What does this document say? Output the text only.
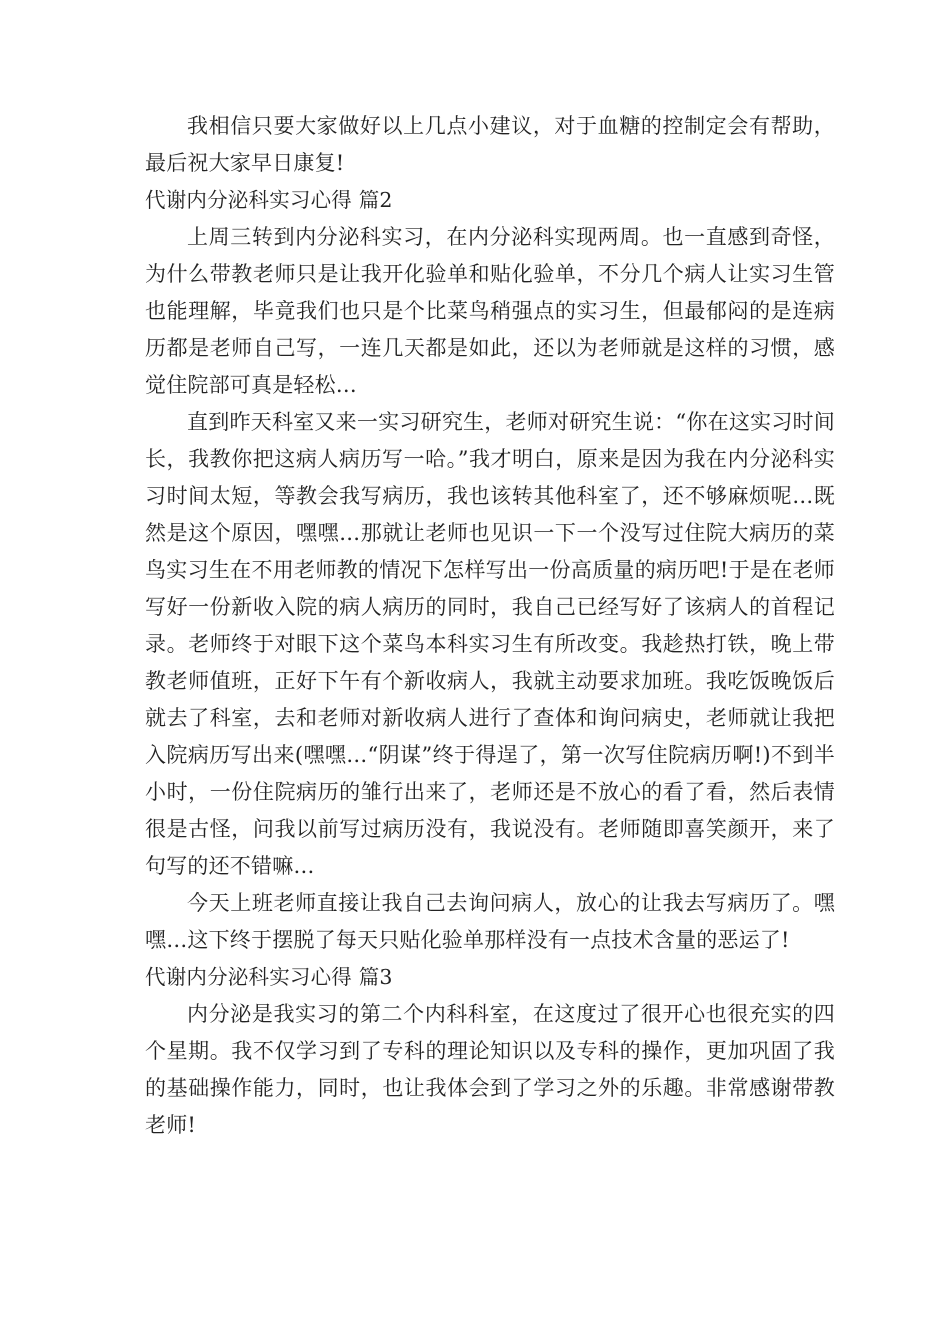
我相信只要大家做好以上几点小建议，对于血糖的控制定会有帮助，最后祝大家早日康复!

代谢内分泌科实习心得 篇2

上周三转到内分泌科实习，在内分泌科实现两周。也一直感到奇怪，为什么带教老师只是让我开化验单和贴化验单，不分几个病人让实习生管也能理解，毕竟我们也只是个比菜鸟稍强点的实习生，但最郁闷的是连病历都是老师自己写，一连几天都是如此，还以为老师就是这样的习惯，感觉住院部可真是轻松…

直到昨天科室又来一实习研究生，老师对研究生说：“你在这实习时间长，我教你把这病人病历写一哈。”我才明白，原来是因为我在内分泌科实习时间太短，等教会我写病历，我也该转其他科室了，还不够麻烦呢…既然是这个原因，嘿嘿…那就让老师也见识一下一个没写过住院大病历的菜鸟实习生在不用老师教的情况下怎样写出一份高质量的病历吧!于是在老师写好一份新收入院的病人病历的同时，我自己已经写好了该病人的首程记录。老师终于对眼下这个菜鸟本科实习生有所改变。我趁热打铁，晚上带教老师值班，正好下午有个新收病人，我就主动要求加班。我吃饭晚饭后就去了科室，去和老师对新收病人进行了查体和询问病史，老师就让我把入院病历写出来(嘿嘿…“阴谋”终于得逞了，第一次写住院病历啊!)不到半小时，一份住院病历的雏行出来了，老师还是不放心的看了看，然后表情很是古怪，问我以前写过病历没有，我说没有。老师随即喜笑颜开，来了句写的还不错嘛…

今天上班老师直接让我自己去询问病人，放心的让我去写病历了。嘿嘿…这下终于摆脱了每天只贴化验单那样没有一点技术含量的恶运了!

代谢内分泌科实习心得 篇3

内分泌是我实习的第二个内科科室，在这度过了很开心也很充实的四个星期。我不仅学习到了专科的理论知识以及专科的操作，更加巩固了我的基础操作能力，同时，也让我体会到了学习之外的乐趣。非常感谢带教老师!
